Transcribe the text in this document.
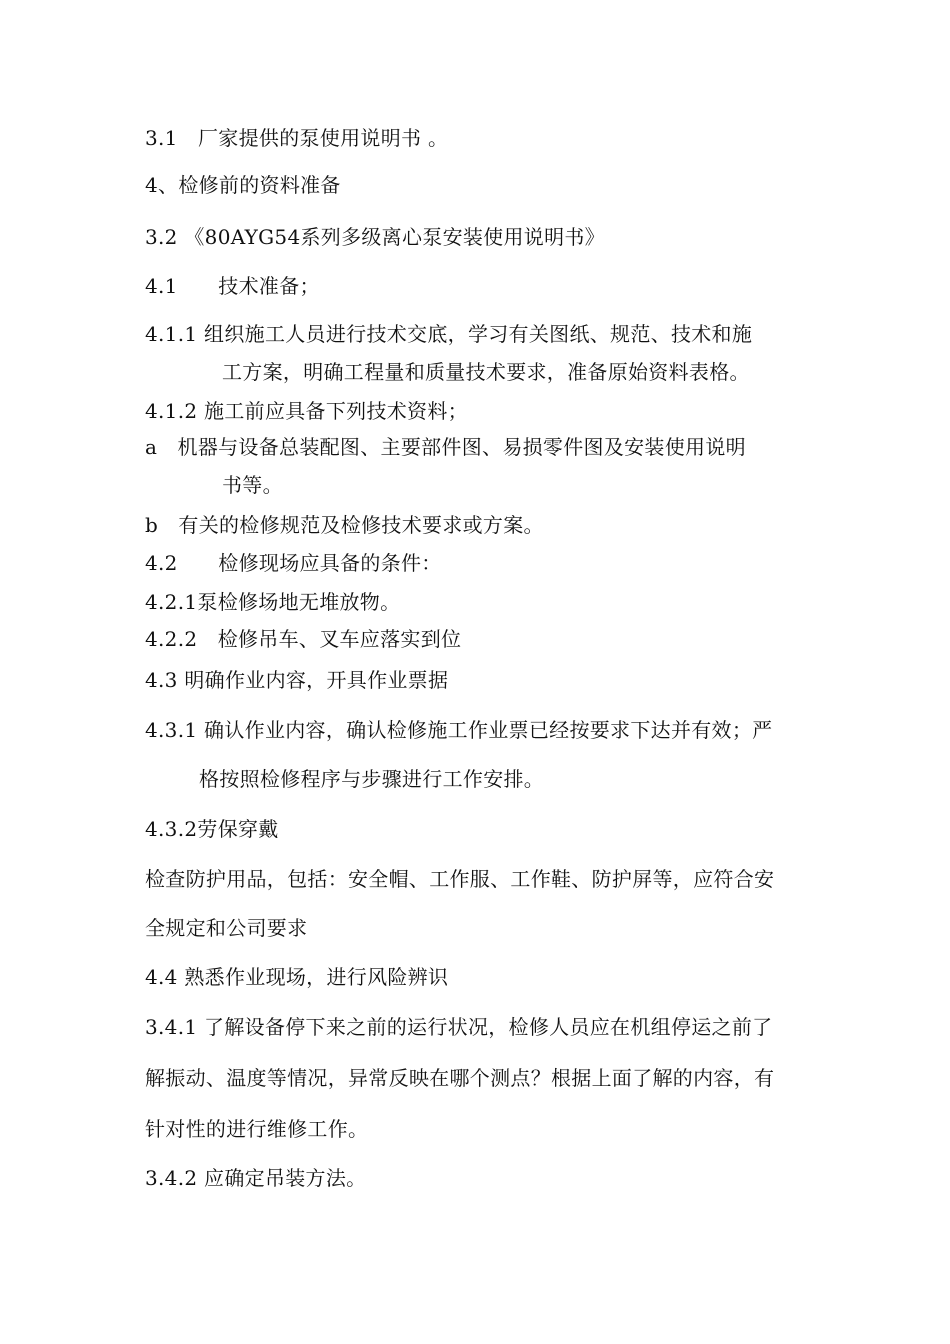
3.1　厂家提供的泵使用说明书 。
4、检修前的资料准备
3.2 《80AYG54系列多级离心泵安装使用说明书》
4.1　　技术准备；
4.1.1 组织施工人员进行技术交底，学习有关图纸、规范、技术和施
工方案，明确工程量和质量技术要求，准备原始资料表格。
4.1.2 施工前应具备下列技术资料；
a　机器与设备总装配图、主要部件图、易损零件图及安装使用说明
书等。
b　有关的检修规范及检修技术要求或方案。
4.2　　检修现场应具备的条件：
4.2.1泵检修场地无堆放物。
4.2.2　检修吊车、叉车应落实到位
4.3 明确作业内容，开具作业票据
4.3.1 确认作业内容，确认检修施工作业票已经按要求下达并有效；严
格按照检修程序与步骤进行工作安排。
4.3.2劳保穿戴
检查防护用品，包括：安全帽、工作服、工作鞋、防护屏等，应符合安
全规定和公司要求
4.4 熟悉作业现场，进行风险辨识
3.4.1 了解设备停下来之前的运行状况，检修人员应在机组停运之前了
解振动、温度等情况，异常反映在哪个测点？根据上面了解的内容，有
针对性的进行维修工作。
3.4.2 应确定吊装方法。
